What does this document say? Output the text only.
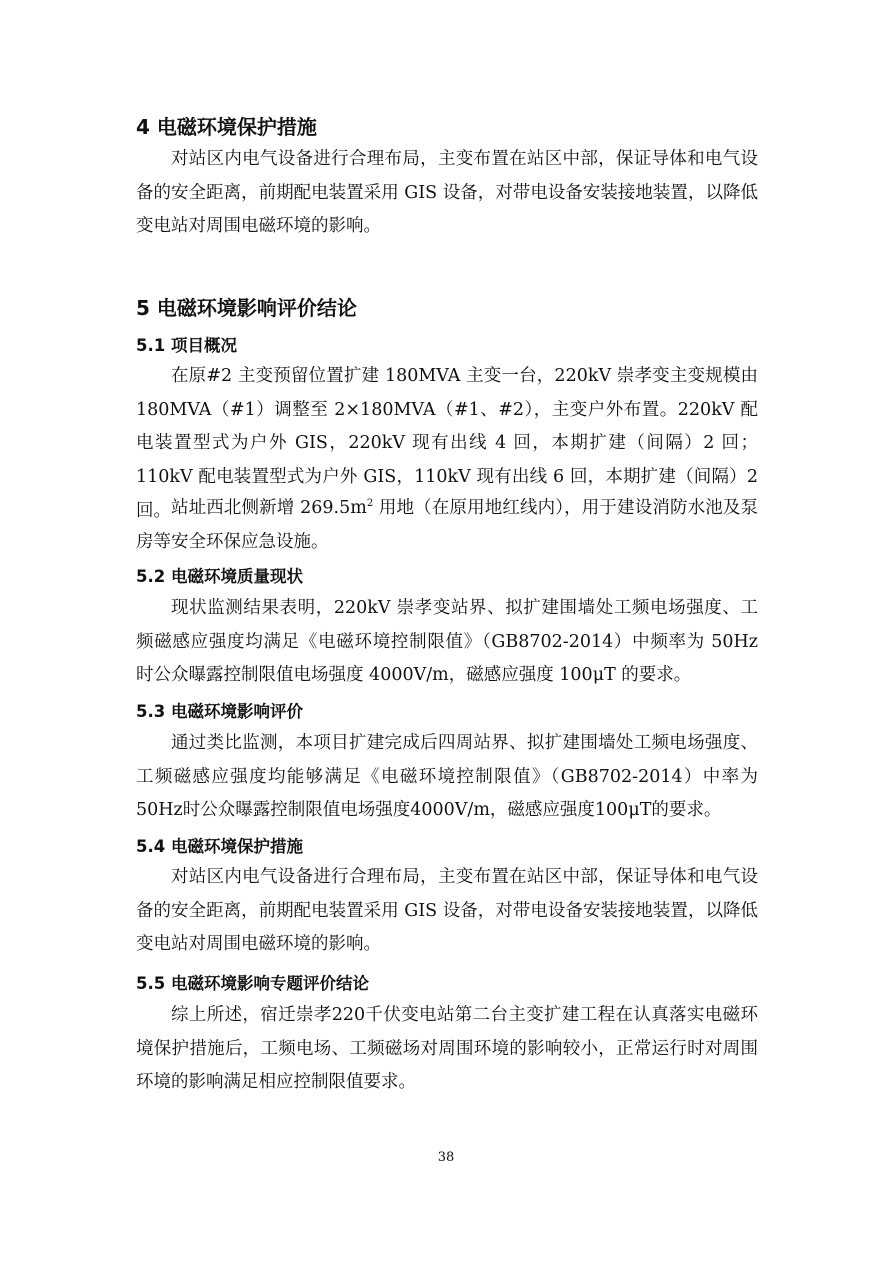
4 电磁环境保护措施

对站区内电气设备进行合理布局，主变布置在站区中部，保证导体和电气设备的安全距离，前期配电装置采用 GIS 设备，对带电设备安装接地装置，以降低变电站对周围电磁环境的影响。

5 电磁环境影响评价结论
5.1 项目概况

在原#2 主变预留位置扩建 180MVA 主变一台，220kV 崇孝变主变规模由 180MVA（#1）调整至 2×180MVA（#1、#2），主变户外布置。220kV 配电装置型式为户外 GIS，220kV 现有出线 4 回，本期扩建（间隔）2 回；110kV 配电装置型式为户外 GIS，110kV 现有出线 6 回，本期扩建（间隔）2 回。 站址西北侧新增 $269.5m^2$ 用地（在原用地红线内），用于建设消防水池及泵房等安全环保应急设施。

5.2 电磁环境质量现状

现状监测结果表明，220kV 崇孝变站界、拟扩建围墙处工频电场强度、工频磁感应强度均满足《电磁环境控制限值》（GB8702-2014）中频率为 50Hz 时公众曝露控制限值电场强度 4000V/m，磁感应强度 100μT 的要求。

5.3 电磁环境影响评价

通过类比监测，本项目扩建完成后四周站界、拟扩建围墙处工频电场强度、工频磁感应强度均能够满足《电磁环境控制限值》（GB8702-2014）中率为50Hz时公众曝露控制限值电场强度4000V/m，磁感应强度100μT的要求。

5.4 电磁环境保护措施

对站区内电气设备进行合理布局，主变布置在站区中部，保证导体和电气设备的安全距离，前期配电装置采用 GIS 设备，对带电设备安装接地装置，以降低变电站对周围电磁环境的影响。

5.5 电磁环境影响专题评价结论

综上所述，宿迁崇孝220千伏变电站第二台主变扩建工程在认真落实电磁环境保护措施后，工频电场、工频磁场对周围环境的影响较小，正常运行时对周围环境的影响满足相应控制限值要求。

38
